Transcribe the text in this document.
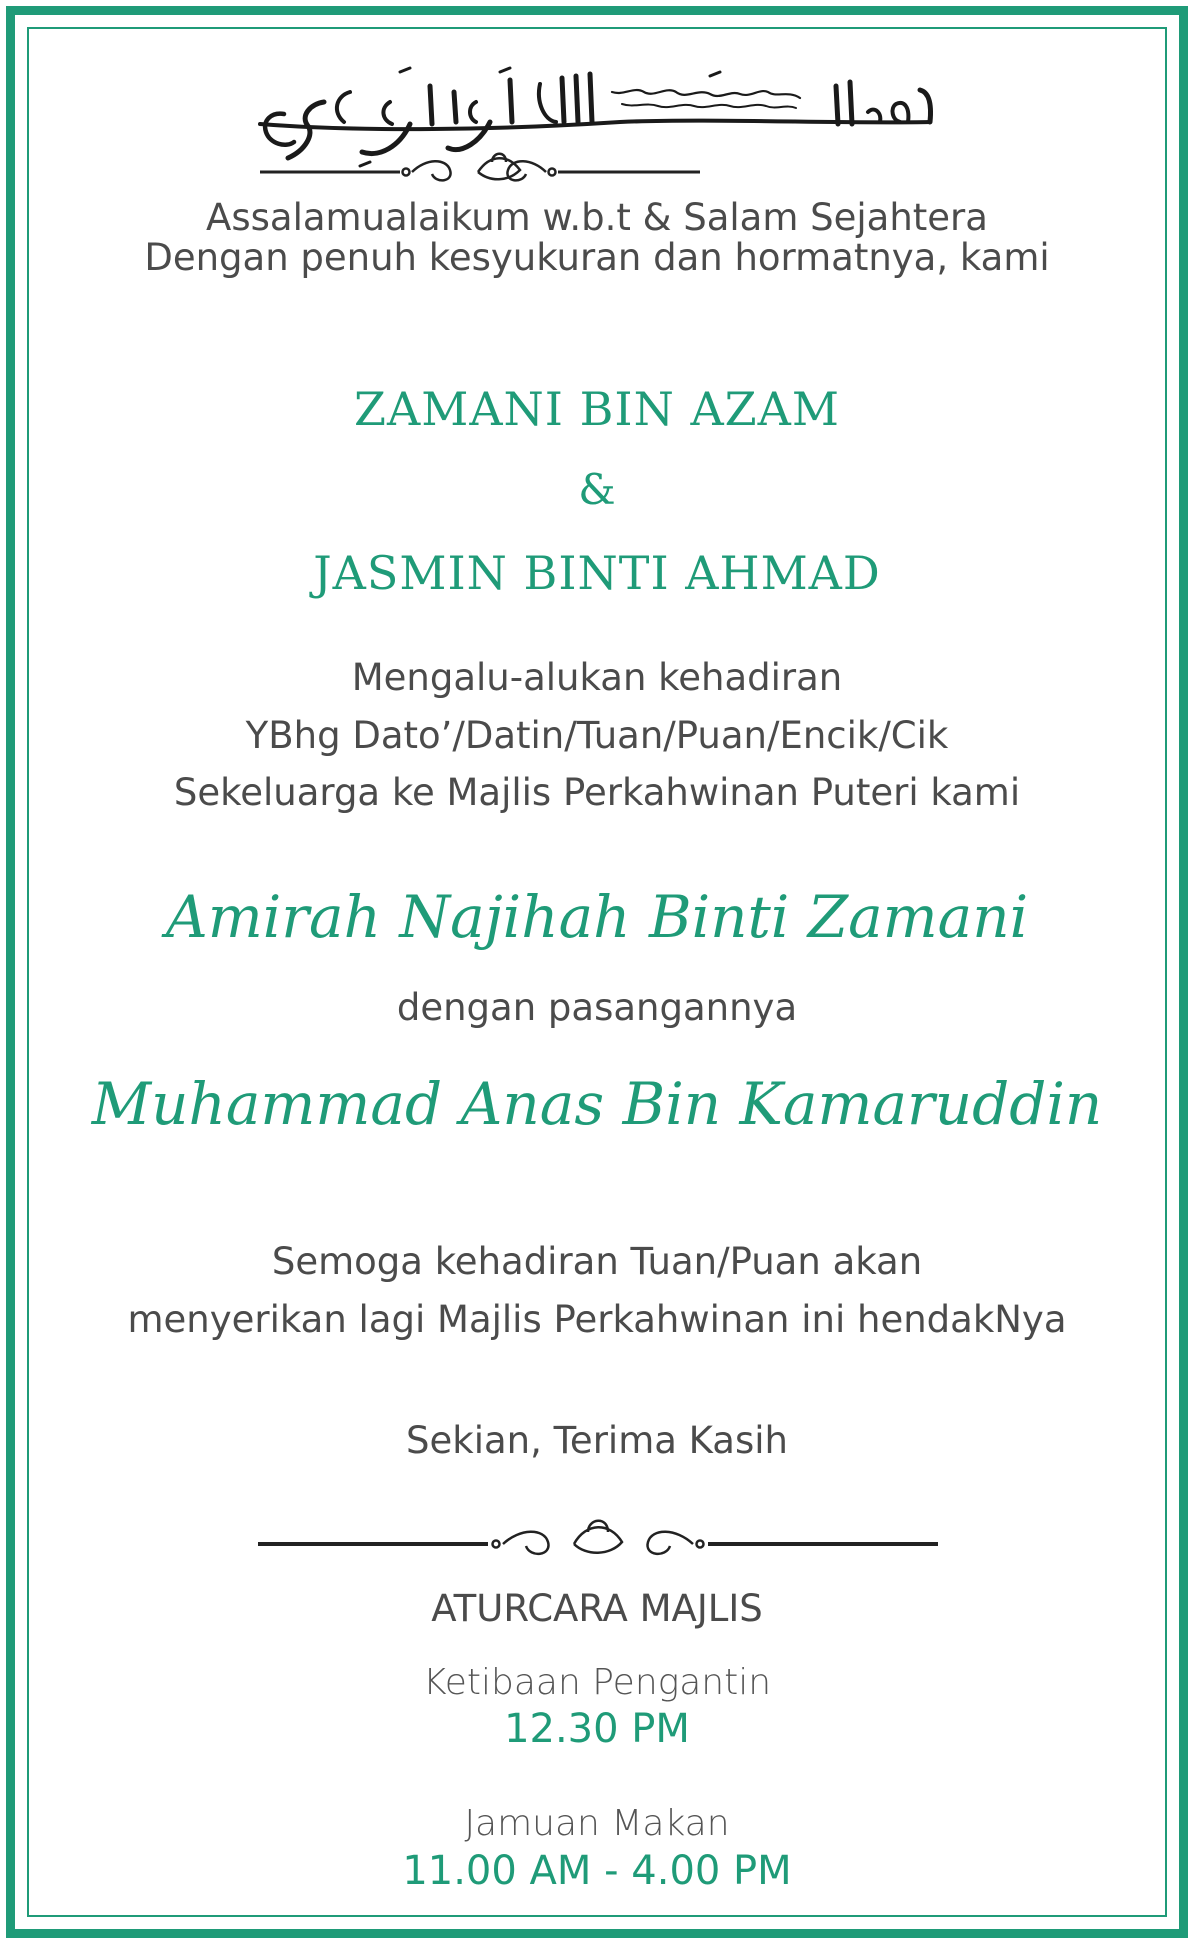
Assalamualaikum w.b.t & Salam Sejahtera
Dengan penuh kesyukuran dan hormatnya, kami
ZAMANI BIN AZAM
&
JASMIN BINTI AHMAD
Mengalu-alukan kehadiran
YBhg Dato’/Datin/Tuan/Puan/Encik/Cik
Sekeluarga ke Majlis Perkahwinan Puteri kami
Amirah Najihah Binti Zamani
dengan pasangannya
Muhammad Anas Bin Kamaruddin
Semoga kehadiran Tuan/Puan akan
menyerikan lagi Majlis Perkahwinan ini hendakNya
Sekian, Terima Kasih
ATURCARA MAJLIS
Ketibaan Pengantin
12.30 PM
Jamuan Makan
11.00 AM - 4.00 PM
